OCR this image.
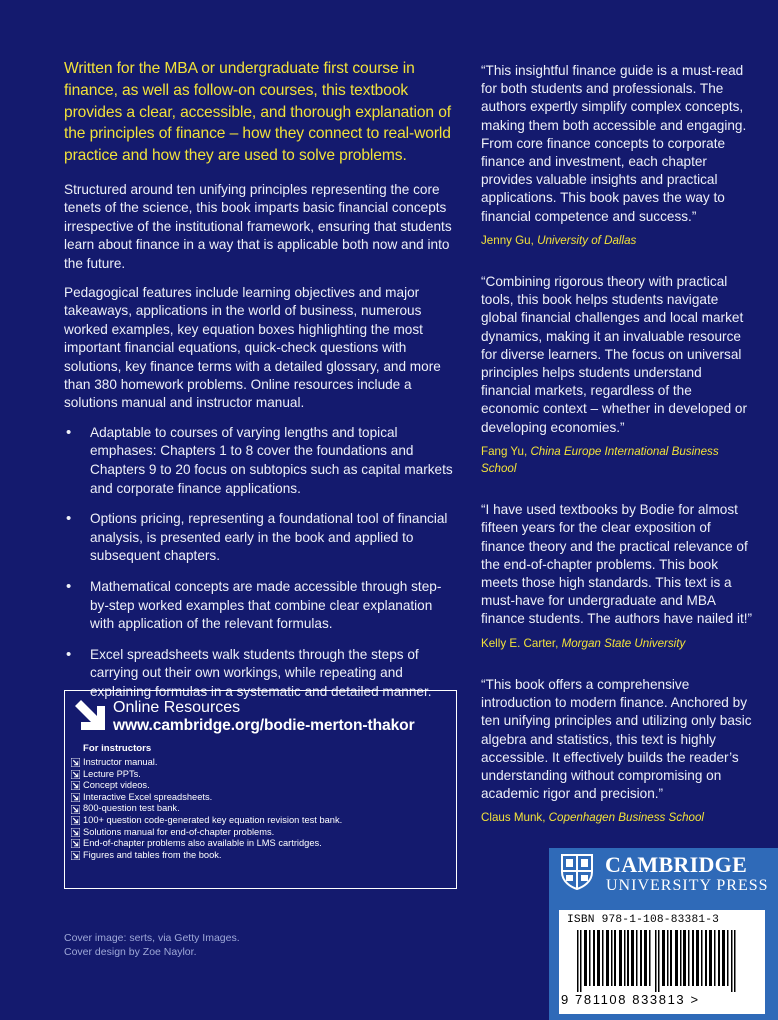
Written for the MBA or undergraduate first course in finance, as well as follow-on courses, this textbook provides a clear, accessible, and thorough explanation of the principles of finance – how they connect to real-world practice and how they are used to solve problems.

Structured around ten unifying principles representing the core tenets of the science, this book imparts basic financial concepts irrespective of the institutional framework, ensuring that students learn about finance in a way that is applicable both now and into the future.

Pedagogical features include learning objectives and major takeaways, applications in the world of business, numerous worked examples, key equation boxes highlighting the most important financial equations, quick-check questions with solutions, key finance terms with a detailed glossary, and more than 380 homework problems. Online resources include a solutions manual and instructor manual.

• Adaptable to courses of varying lengths and topical emphases: Chapters 1 to 8 cover the foundations and Chapters 9 to 20 focus on subtopics such as capital markets and corporate finance applications.
• Options pricing, representing a foundational tool of financial analysis, is presented early in the book and applied to subsequent chapters.
• Mathematical concepts are made accessible through step-by-step worked examples that combine clear explanation with application of the relevant formulas.
• Excel spreadsheets walk students through the steps of carrying out their own workings, while repeating and explaining formulas in a systematic and detailed manner.
Online Resources
www.cambridge.org/bodie-merton-thakor
For instructors
Instructor manual.
Lecture PPTs.
Concept videos.
Interactive Excel spreadsheets.
800-question test bank.
100+ question code-generated key equation revision test bank.
Solutions manual for end-of-chapter problems.
End-of-chapter problems also available in LMS cartridges.
Figures and tables from the book.
Cover image: serts, via Getty Images.
Cover design by Zoe Naylor.

“This insightful finance guide is a must-read for both students and professionals. The authors expertly simplify complex concepts, making them both accessible and engaging. From core finance concepts to corporate finance and investment, each chapter provides valuable insights and practical applications. This book paves the way to financial competence and success.”

Jenny Gu, University of Dallas

“Combining rigorous theory with practical tools, this book helps students navigate global financial challenges and local market dynamics, making it an invaluable resource for diverse learners. The focus on universal principles helps students understand financial markets, regardless of the economic context – whether in developed or developing economies.”

Fang Yu, China Europe International Business School

“I have used textbooks by Bodie for almost fifteen years for the clear exposition of finance theory and the practical relevance of the end-of-chapter problems. This book meets those high standards. This text is a must-have for undergraduate and MBA finance students. The authors have nailed it!”

Kelly E. Carter, Morgan State University

“This book offers a comprehensive introduction to modern finance. Anchored by ten unifying principles and utilizing only basic algebra and statistics, this text is highly accessible. It effectively builds the reader’s understanding without compromising on academic rigor and precision.”

Claus Munk, Copenhagen Business School

CAMBRIDGE
UNIVERSITY PRESS
ISBN 978-1-108-83381-3
9 781108 833813 >
